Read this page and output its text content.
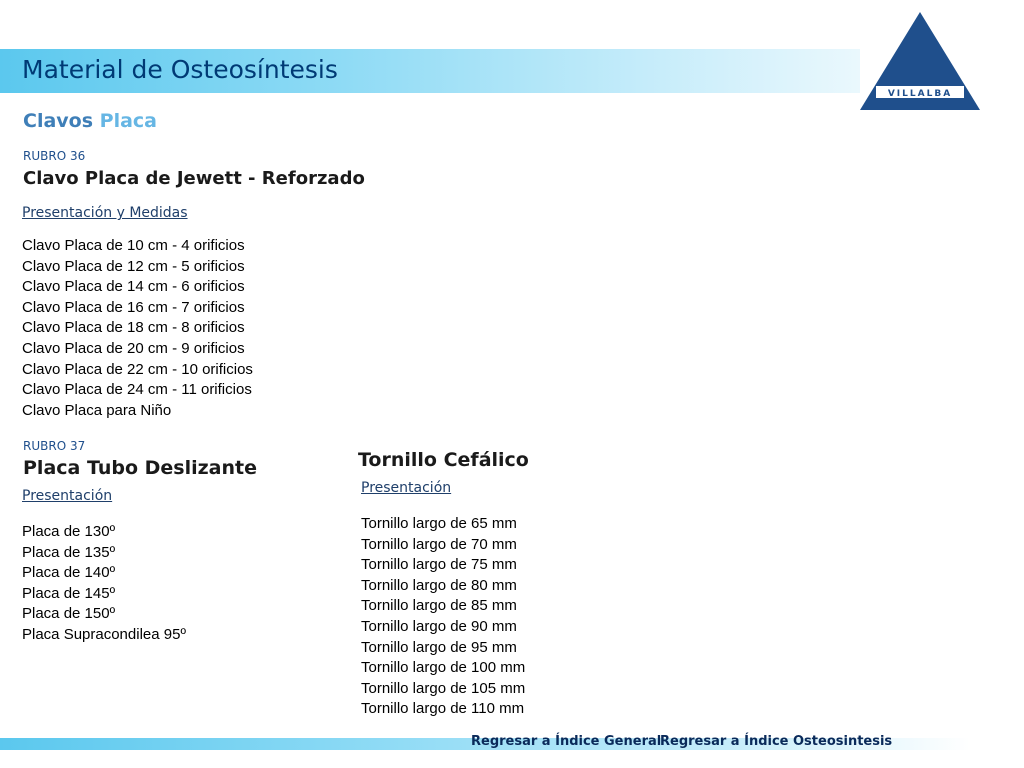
Material de Osteosíntesis
VILLALBA
Clavos Placa
RUBRO 36
Clavo Placa de Jewett - Reforzado
Presentación y Medidas
Clavo Placa de 10 cm - 4 orificios
Clavo Placa de 12 cm - 5 orificios
Clavo Placa de 14 cm - 6 orificios
Clavo Placa de 16 cm - 7 orificios
Clavo Placa de 18 cm - 8 orificios
Clavo Placa de 20 cm - 9 orificios
Clavo Placa de 22 cm - 10 orificios
Clavo Placa de 24 cm - 11 orificios
Clavo Placa para Niño
RUBRO 37
Placa Tubo Deslizante
Presentación
Placa de 130º
Placa de 135º
Placa de 140º
Placa de 145º
Placa de 150º
Placa Supracondilea 95º
Tornillo Cefálico
Presentación
Tornillo largo de 65 mm
Tornillo largo de 70 mm
Tornillo largo de 75 mm
Tornillo largo de 80 mm
Tornillo largo de 85 mm
Tornillo largo de 90 mm
Tornillo largo de 95 mm
Tornillo largo de 100 mm
Tornillo largo de 105 mm
Tornillo largo de 110 mm
Regresar a Índice General
Regresar a Índice Osteosintesis
